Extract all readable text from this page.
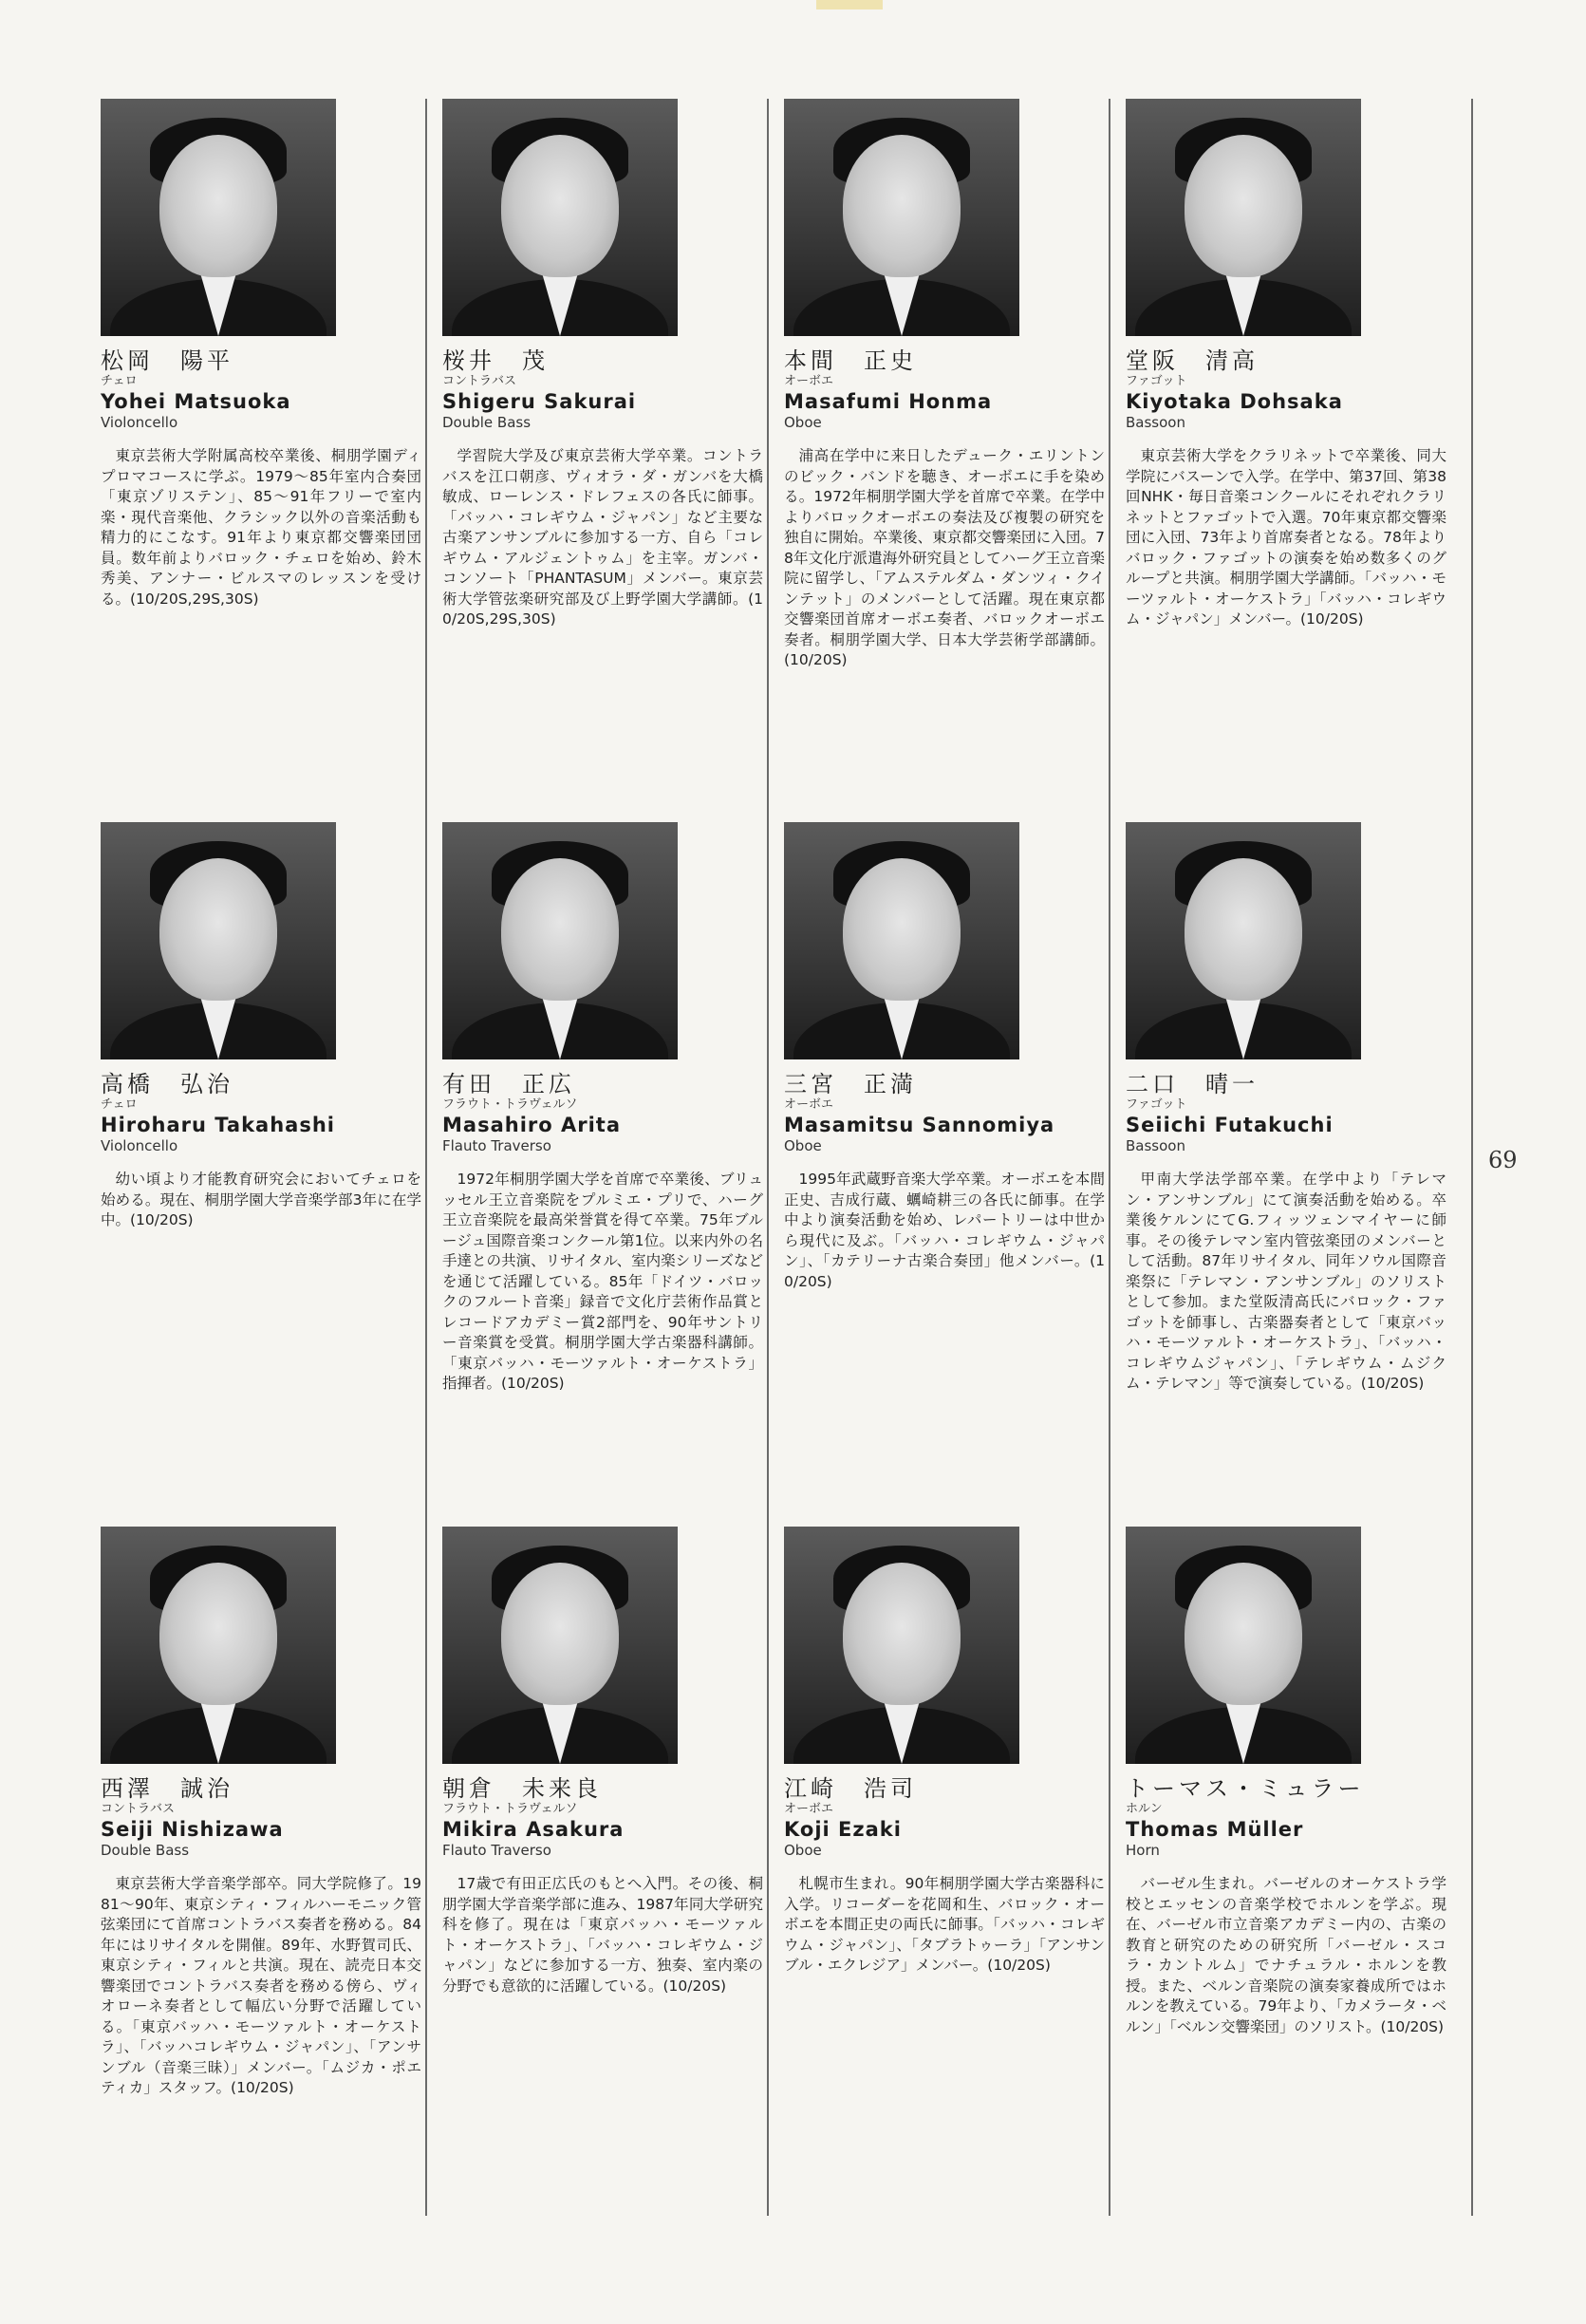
松岡　陽平
チェロ
Yohei Matsuoka
Violoncello
東京芸術大学附属高校卒業後、桐朋学園ディプロマコースに学ぶ。1979～85年室内合奏団「東京ゾリステン」、85～91年フリーで室内楽・現代音楽他、クラシック以外の音楽活動も精力的にこなす。91年より東京都交響楽団団員。数年前よりバロック・チェロを始め、鈴木秀美、アンナー・ビルスマのレッスンを受ける。(10/20S,29S,30S)
桜井　茂
コントラバス
Shigeru Sakurai
Double Bass
学習院大学及び東京芸術大学卒業。コントラバスを江口朝彦、ヴィオラ・ダ・ガンバを大橋敏成、ローレンス・ドレフェスの各氏に師事。「バッハ・コレギウム・ジャパン」など主要な古楽アンサンブルに参加する一方、自ら「コレギウム・アルジェントゥム」を主宰。ガンバ・コンソート「PHANTASUM」メンバー。東京芸術大学管弦楽研究部及び上野学園大学講師。(10/20S,29S,30S)
本間　正史
オーボエ
Masafumi Honma
Oboe
浦高在学中に来日したデューク・エリントンのビック・バンドを聴き、オーボエに手を染める。1972年桐朋学園大学を首席で卒業。在学中よりバロックオーボエの奏法及び複製の研究を独自に開始。卒業後、東京都交響楽団に入団。78年文化庁派遣海外研究員としてハーグ王立音楽院に留学し、「アムステルダム・ダンツィ・クインテット」のメンバーとして活躍。現在東京都交響楽団首席オーボエ奏者、バロックオーボエ奏者。桐朋学園大学、日本大学芸術学部講師。(10/20S)
堂阪　清高
ファゴット
Kiyotaka Dohsaka
Bassoon
東京芸術大学をクラリネットで卒業後、同大学院にバスーンで入学。在学中、第37回、第38回NHK・毎日音楽コンクールにそれぞれクラリネットとファゴットで入選。70年東京都交響楽団に入団、73年より首席奏者となる。78年よりバロック・ファゴットの演奏を始め数多くのグループと共演。桐朋学園大学講師。「バッハ・モーツァルト・オーケストラ」「バッハ・コレギウム・ジャパン」メンバー。(10/20S)
高橋　弘治
チェロ
Hiroharu Takahashi
Violoncello
幼い頃より才能教育研究会においてチェロを始める。現在、桐朋学園大学音楽学部3年に在学中。(10/20S)
有田　正広
フラウト・トラヴェルソ
Masahiro Arita
Flauto Traverso
1972年桐朋学園大学を首席で卒業後、ブリュッセル王立音楽院をプルミエ・プリで、ハーグ王立音楽院を最高栄誉賞を得て卒業。75年ブルージュ国際音楽コンクール第1位。以来内外の名手達との共演、リサイタル、室内楽シリーズなどを通じて活躍している。85年「ドイツ・バロックのフルート音楽」録音で文化庁芸術作品賞とレコードアカデミー賞2部門を、90年サントリー音楽賞を受賞。桐朋学園大学古楽器科講師。「東京バッハ・モーツァルト・オーケストラ」指揮者。(10/20S)
三宮　正満
オーボエ
Masamitsu Sannomiya
Oboe
1995年武蔵野音楽大学卒業。オーボエを本間正史、吉成行蔵、蠣崎耕三の各氏に師事。在学中より演奏活動を始め、レパートリーは中世から現代に及ぶ。「バッハ・コレギウム・ジャパン」、「カテリーナ古楽合奏団」他メンバー。(10/20S)
二口　晴一
ファゴット
Seiichi Futakuchi
Bassoon
甲南大学法学部卒業。在学中より「テレマン・アンサンブル」にて演奏活動を始める。卒業後ケルンにてG.フィッツェンマイヤーに師事。その後テレマン室内管弦楽団のメンバーとして活動。87年リサイタル、同年ソウル国際音楽祭に「テレマン・アンサンブル」のソリストとして参加。また堂阪清高氏にバロック・ファゴットを師事し、古楽器奏者として「東京バッハ・モーツァルト・オーケストラ」、「バッハ・コレギウムジャパン」、「テレギウム・ムジクム・テレマン」等で演奏している。(10/20S)
西澤　誠治
コントラバス
Seiji Nishizawa
Double Bass
東京芸術大学音楽学部卒。同大学院修了。1981～90年、東京シティ・フィルハーモニック管弦楽団にて首席コントラバス奏者を務める。84年にはリサイタルを開催。89年、水野賀司氏、東京シティ・フィルと共演。現在、読売日本交響楽団でコントラバス奏者を務める傍ら、ヴィオローネ奏者として幅広い分野で活躍している。「東京バッハ・モーツァルト・オーケストラ」、「バッハコレギウム・ジャパン」、「アンサンブル（音楽三昧）」メンバー。「ムジカ・ポエティカ」スタッフ。(10/20S)
朝倉　未来良
フラウト・トラヴェルソ
Mikira Asakura
Flauto Traverso
17歳で有田正広氏のもとへ入門。その後、桐朋学園大学音楽学部に進み、1987年同大学研究科を修了。現在は「東京バッハ・モーツァルト・オーケストラ」、「バッハ・コレギウム・ジャパン」などに参加する一方、独奏、室内楽の分野でも意欲的に活躍している。(10/20S)
江崎　浩司
オーボエ
Koji Ezaki
Oboe
札幌市生まれ。90年桐朋学園大学古楽器科に入学。リコーダーを花岡和生、バロック・オーボエを本間正史の両氏に師事。「バッハ・コレギウム・ジャパン」、「タブラトゥーラ」「アンサンブル・エクレジア」メンバー。(10/20S)
トーマス・ミュラー
ホルン
Thomas Müller
Horn
バーゼル生まれ。バーゼルのオーケストラ学校とエッセンの音楽学校でホルンを学ぶ。現在、バーゼル市立音楽アカデミー内の、古楽の教育と研究のための研究所「バーゼル・スコラ・カントルム」でナチュラル・ホルンを教授。また、ベルン音楽院の演奏家養成所ではホルンを教えている。79年より、「カメラータ・ベルン」「ベルン交響楽団」のソリスト。(10/20S)
69
